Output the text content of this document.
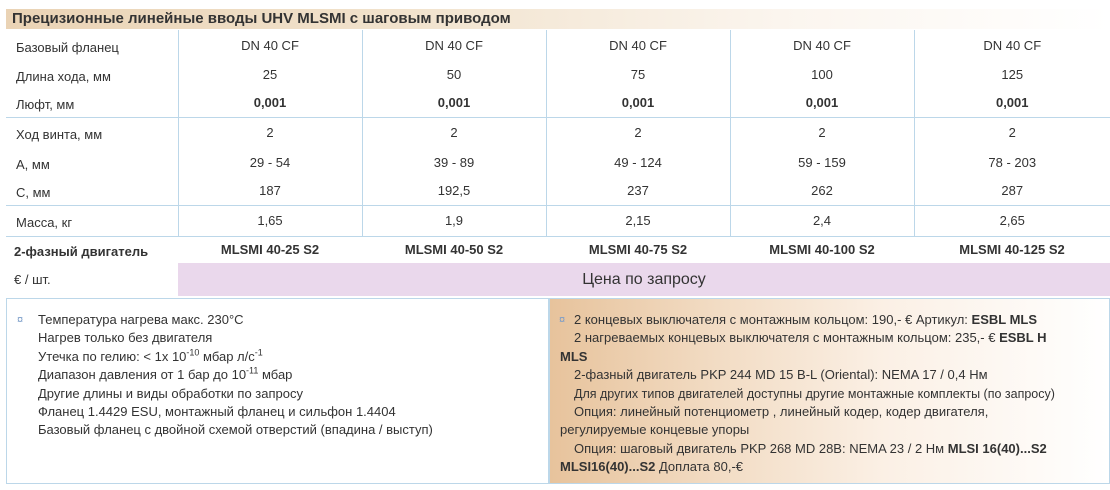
Прецизионные линейные вводы UHV MLSMI с шаговым приводом
Базовый фланец	DN 40 CF	DN 40 CF	DN 40 CF	DN 40 CF	DN 40 CF
Длина хода, мм	25	50	75	100	125
Люфт, мм	0,001	0,001	0,001	0,001	0,001
Ход винта, мм	2	2	2	2	2
A, мм	29 - 54	39 - 89	49 - 124	59 - 159	78 - 203
C, мм	187	192,5	237	262	287
Масса, кг	1,65	1,9	2,15	2,4	2,65
2-фазный двигатель	MLSMI 40-25 S2	MLSMI 40-50 S2	MLSMI 40-75 S2	MLSMI 40-100 S2	MLSMI 40-125 S2
€ / шт.	Цена по запросу				
¤ Температура нагрева макс. 230°C
Нагрев только без двигателя
Утечка по гелию: < 1x $10^{-10}$ мбар $л/с^{-1}$
Диапазон давления от 1 бар до $10^{-11}$ мбар
Другие длины и виды обработки по запросу
Фланец 1.4429 ESU, монтажный фланец и сильфон 1.4404
Базовый фланец с двойной схемой отверстий (впадина / выступ)
¤ 2 концевых выключателя с монтажным кольцом: 190,- € Артикул: ESBL MLS
2 нагреваемых концевых выключателя с монтажным кольцом: 235,- € ESBL H
MLS
2-фазный двигатель PKP 244 MD 15 B-L (Oriental): NEMA 17 / 0,4 Нм
Для других типов двигателей доступны другие монтажные комплекты (по запросу)
Опция: линейный потенциометр , линейный кодер, кодер двигателя,
регулируемые концевые упоры
Опция: шаговый двигатель PKP 268 MD 28B: NEMA 23 / 2 Нм MLSI 16(40)...S2
MLSI16(40)...S2 Доплата 80,-€
